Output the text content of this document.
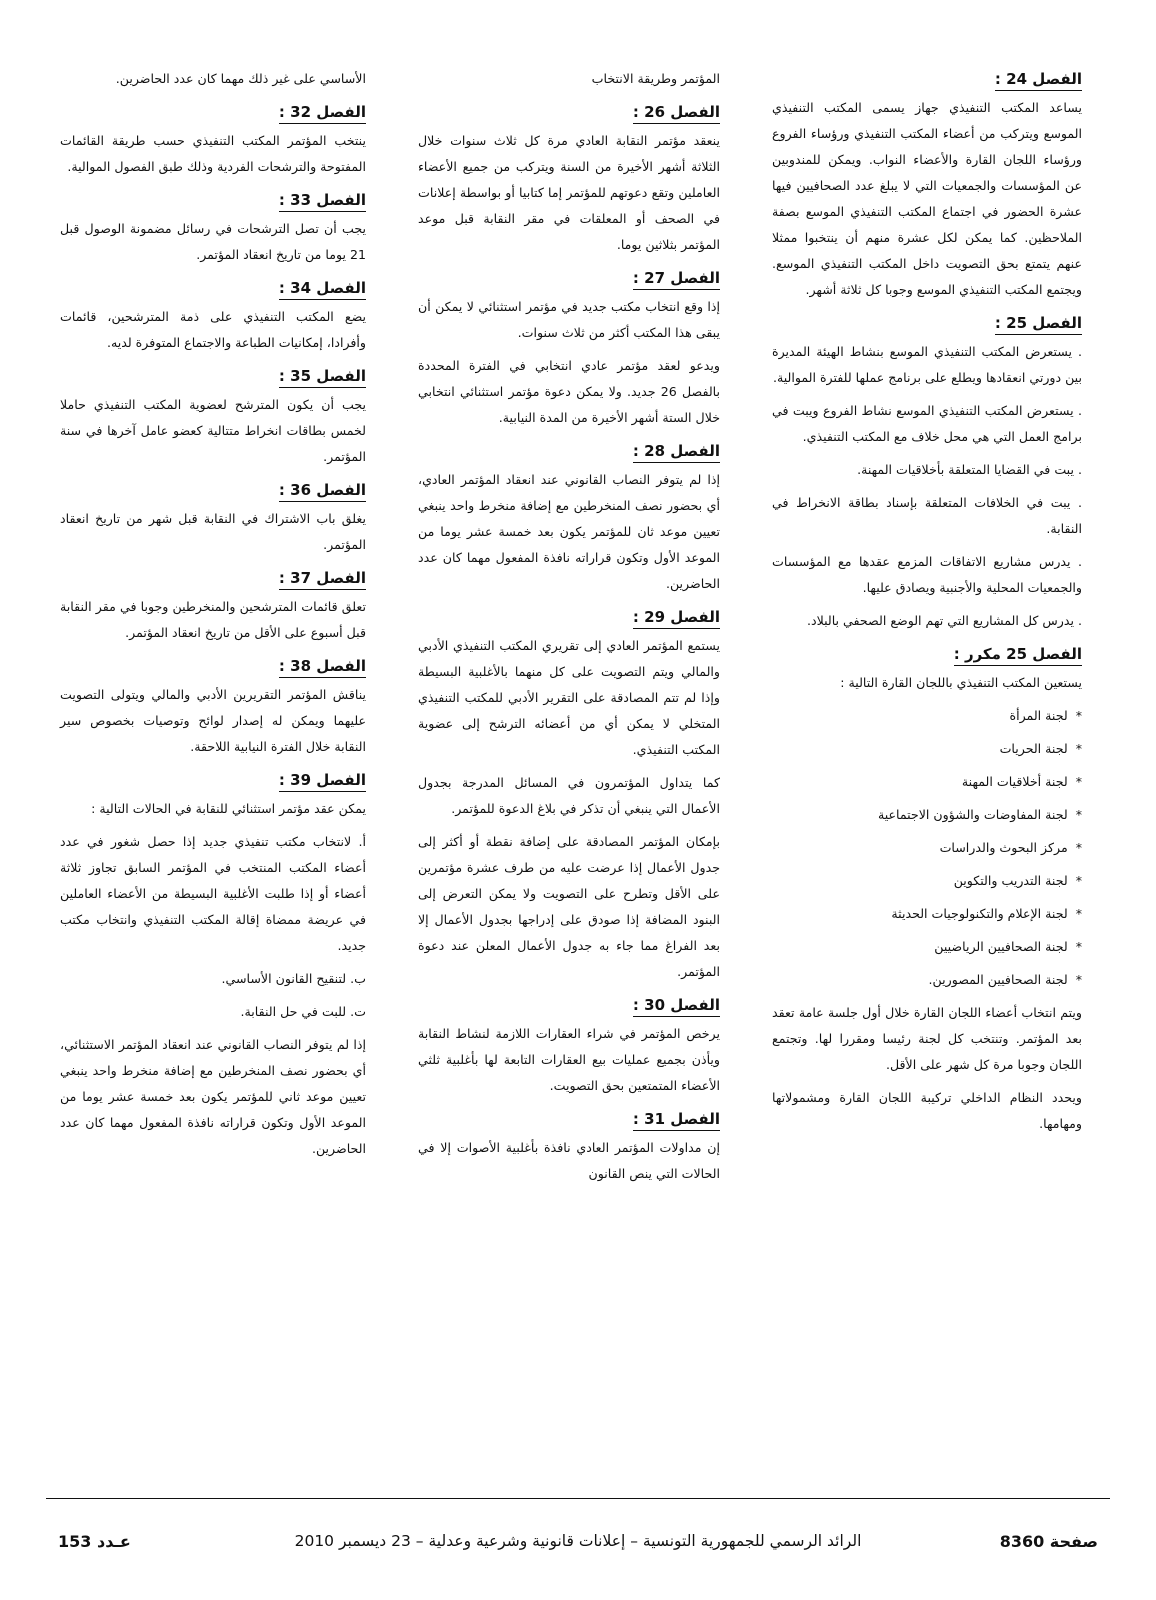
الفصل 24 :

يساعد المكتب التنفيذي جهاز يسمى المكتب التنفيذي الموسع ويتركب من أعضاء المكتب التنفيذي ورؤساء الفروع ورؤساء اللجان القارة والأعضاء النواب. ويمكن للمندوبين عن المؤسسات والجمعيات التي لا يبلغ عدد الصحافيين فيها عشرة الحضور في اجتماع المكتب التنفيذي الموسع بصفة الملاحظين. كما يمكن لكل عشرة منهم أن ينتخبوا ممثلا عنهم يتمتع بحق التصويت داخل المكتب التنفيذي الموسع. ويجتمع المكتب التنفيذي الموسع وجوبا كل ثلاثة أشهر.

الفصل 25 :

. يستعرض المكتب التنفيذي الموسع بنشاط الهيئة المديرة بين دورتي انعقادها ويطلع على برنامج عملها للفترة الموالية.

. يستعرض المكتب التنفيذي الموسع نشاط الفروع ويبت في برامج العمل التي هي محل خلاف مع المكتب التنفيذي.

. يبت في القضايا المتعلقة بأخلاقيات المهنة.

. يبت في الخلافات المتعلقة بإسناد بطاقة الانخراط في النقابة.

. يدرس مشاريع الاتفاقات المزمع عقدها مع المؤسسات والجمعيات المحلية والأجنبية ويصادق عليها.

. يدرس كل المشاريع التي تهم الوضع الصحفي بالبلاد.

الفصل 25 مكرر :

يستعين المكتب التنفيذي باللجان القارة التالية :

*لجنة المرأة
*لجنة الحريات
*لجنة أخلاقيات المهنة
*لجنة المفاوضات والشؤون الاجتماعية
*مركز البحوث والدراسات
*لجنة التدريب والتكوين
*لجنة الإعلام والتكنولوجيات الحديثة
*لجنة الصحافيين الرياضيين
*لجنة الصحافيين المصورين.

ويتم انتخاب أعضاء اللجان القارة خلال أول جلسة عامة تعقد بعد المؤتمر. وتنتخب كل لجنة رئيسا ومقررا لها. وتجتمع اللجان وجوبا مرة كل شهر على الأقل.

ويحدد النظام الداخلي تركيبة اللجان القارة ومشمولاتها ومهامها.

المؤتمر وطريقة الانتخاب

الفصل 26 :

ينعقد مؤتمر النقابة العادي مرة كل ثلاث سنوات خلال الثلاثة أشهر الأخيرة من السنة ويتركب من جميع الأعضاء العاملين وتقع دعوتهم للمؤتمر إما كتابيا أو بواسطة إعلانات في الصحف أو المعلقات في مقر النقابة قبل موعد المؤتمر بثلاثين يوما.

الفصل 27 :

إذا وقع انتخاب مكتب جديد في مؤتمر استثنائي لا يمكن أن يبقى هذا المكتب أكثر من ثلاث سنوات.

ويدعو لعقد مؤتمر عادي انتخابي في الفترة المحددة بالفصل 26 جديد. ولا يمكن دعوة مؤتمر استثنائي انتخابي خلال الستة أشهر الأخيرة من المدة النيابية.

الفصل 28 :

إذا لم يتوفر النصاب القانوني عند انعقاد المؤتمر العادي، أي بحضور نصف المنخرطين مع إضافة منخرط واحد ينبغي تعيين موعد ثان للمؤتمر يكون بعد خمسة عشر يوما من الموعد الأول وتكون قراراته نافذة المفعول مهما كان عدد الحاضرين.

الفصل 29 :

يستمع المؤتمر العادي إلى تقريري المكتب التنفيذي الأدبي والمالي ويتم التصويت على كل منهما بالأغلبية البسيطة وإذا لم تتم المصادقة على التقرير الأدبي للمكتب التنفيذي المتخلي لا يمكن أي من أعضائه الترشح إلى عضوية المكتب التنفيذي.

كما يتداول المؤتمرون في المسائل المدرجة بجدول الأعمال التي ينبغي أن تذكر في بلاغ الدعوة للمؤتمر.

بإمكان المؤتمر المصادقة على إضافة نقطة أو أكثر إلى جدول الأعمال إذا عرضت عليه من طرف عشرة مؤتمرين على الأقل وتطرح على التصويت ولا يمكن التعرض إلى البنود المضافة إذا صودق على إدراجها بجدول الأعمال إلا بعد الفراغ مما جاء به جدول الأعمال المعلن عند دعوة المؤتمر.

الفصل 30 :

يرخص المؤتمر في شراء العقارات اللازمة لنشاط النقابة ويأذن بجميع عمليات بيع العقارات التابعة لها بأغلبية ثلثي الأعضاء المتمتعين بحق التصويت.

الفصل 31 :

إن مداولات المؤتمر العادي نافذة بأغلبية الأصوات إلا في الحالات التي ينص القانون

الأساسي على غير ذلك مهما كان عدد الحاضرين.

الفصل 32 :

ينتخب المؤتمر المكتب التنفيذي حسب طريقة القائمات المفتوحة والترشحات الفردية وذلك طبق الفصول الموالية.

الفصل 33 :

يجب أن تصل الترشحات في رسائل مضمونة الوصول قبل 21 يوما من تاريخ انعقاد المؤتمر.

الفصل 34 :

يضع المكتب التنفيذي على ذمة المترشحين، قائمات وأفرادا، إمكانيات الطباعة والاجتماع المتوفرة لديه.

الفصل 35 :

يجب أن يكون المترشح لعضوية المكتب التنفيذي حاملا لخمس بطاقات انخراط متتالية كعضو عامل آخرها في سنة المؤتمر.

الفصل 36 :

يغلق باب الاشتراك في النقابة قبل شهر من تاريخ انعقاد المؤتمر.

الفصل 37 :

تعلق قائمات المترشحين والمنخرطين وجوبا في مقر النقابة قبل أسبوع على الأقل من تاريخ انعقاد المؤتمر.

الفصل 38 :

يناقش المؤتمر التقريرين الأدبي والمالي ويتولى التصويت عليهما ويمكن له إصدار لوائح وتوصيات بخصوص سير النقابة خلال الفترة النيابية اللاحقة.

الفصل 39 :

يمكن عقد مؤتمر استثنائي للنقابة في الحالات التالية :

أ. لانتخاب مكتب تنفيذي جديد إذا حصل شغور في عدد أعضاء المكتب المنتخب في المؤتمر السابق تجاوز ثلاثة أعضاء أو إذا طلبت الأغلبية البسيطة من الأعضاء العاملين في عريضة ممضاة إقالة المكتب التنفيذي وانتخاب مكتب جديد.

ب. لتنقيح القانون الأساسي.

ت. للبت في حل النقابة.

إذا لم يتوفر النصاب القانوني عند انعقاد المؤتمر الاستثنائي، أي بحضور نصف المنخرطين مع إضافة منخرط واحد ينبغي تعيين موعد ثاني للمؤتمر يكون بعد خمسة عشر يوما من الموعد الأول وتكون قراراته نافذة المفعول مهما كان عدد الحاضرين.

صفحة 8360
الرائد الرسمي للجمهورية التونسية – إعلانات قانونية وشرعية وعدلية – 23 ديسمبر 2010
عـدد 153
